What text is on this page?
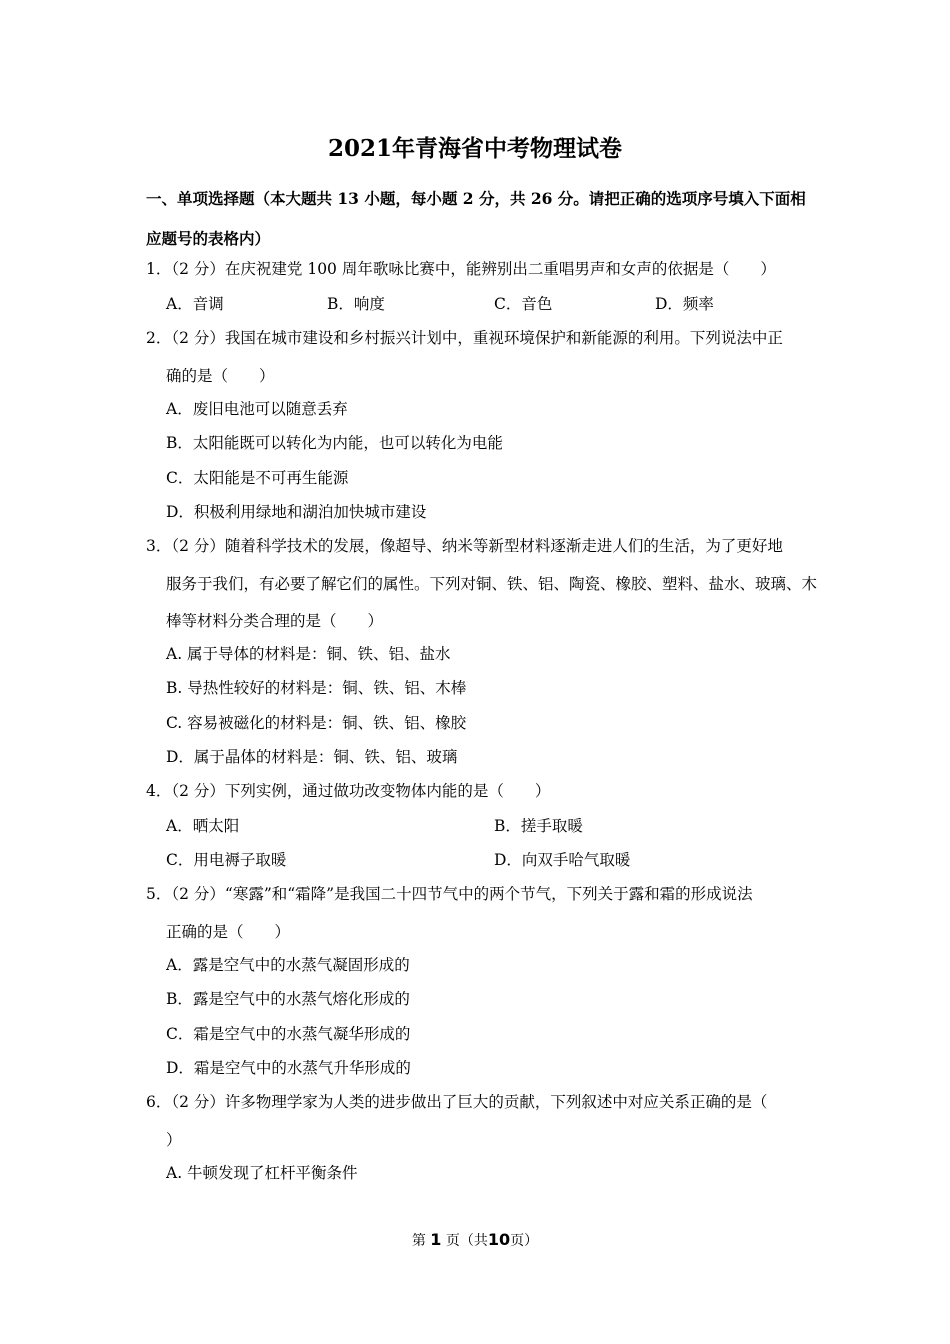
2021年青海省中考物理试卷
一、单项选择题（本大题共 13 小题，每小题 2 分，共 26 分。请把正确的选项序号填入下面相
应题号的表格内）
1．（2 分）在庆祝建党 100 周年歌咏比赛中，能辨别出二重唱男声和女声的依据是（　　）
A．音调	B．响度	C．音色	D．频率
2．（2 分）我国在城市建设和乡村振兴计划中，重视环境保护和新能源的利用。下列说法中正
确的是（　　）
A．废旧电池可以随意丢弃
B．太阳能既可以转化为内能，也可以转化为电能
C．太阳能是不可再生能源
D．积极利用绿地和湖泊加快城市建设
3．（2 分）随着科学技术的发展，像超导、纳米等新型材料逐渐走进人们的生活，为了更好地
服务于我们，有必要了解它们的属性。下列对铜、铁、铝、陶瓷、橡胶、塑料、盐水、玻璃、木
棒等材料分类合理的是（　　）
A. 属于导体的材料是：铜、铁、铝、盐水
B. 导热性较好的材料是：铜、铁、铝、木棒
C. 容易被磁化的材料是：铜、铁、铝、橡胶
D．属于晶体的材料是：铜、铁、铝、玻璃
4．（2 分）下列实例，通过做功改变物体内能的是（　　）
A．晒太阳	B．搓手取暖
C．用电褥子取暖	D．向双手哈气取暖
5．（2 分）“寒露”和“霜降”是我国二十四节气中的两个节气，下列关于露和霜的形成说法
正确的是（　　）
A．露是空气中的水蒸气凝固形成的
B．露是空气中的水蒸气熔化形成的
C．霜是空气中的水蒸气凝华形成的
D．霜是空气中的水蒸气升华形成的
6．（2 分）许多物理学家为人类的进步做出了巨大的贡献，下列叙述中对应关系正确的是（
）
A. 牛顿发现了杠杆平衡条件
第 1 页（共10页）
